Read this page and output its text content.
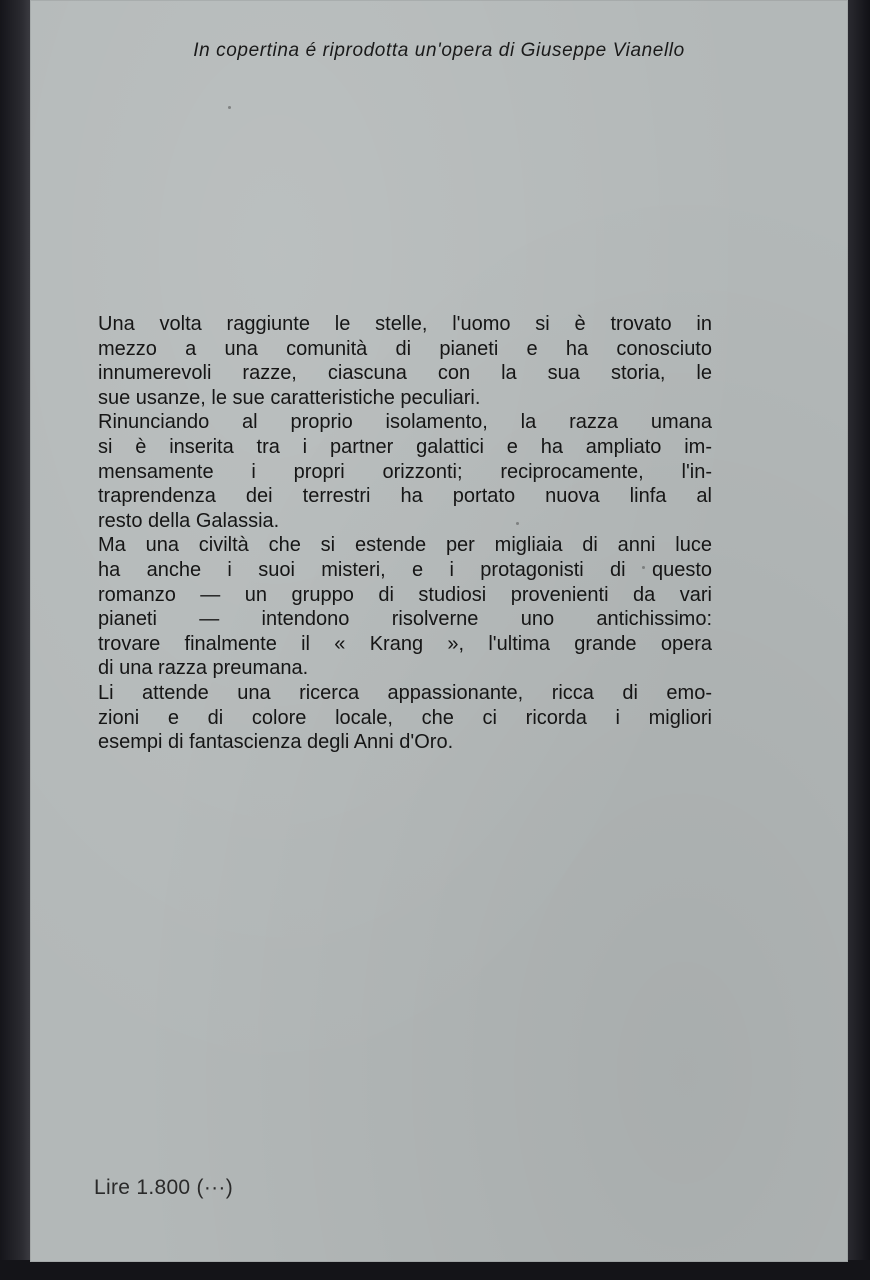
In copertina é riprodotta un'opera di Giuseppe Vianello

Una volta raggiunte le stelle, l'uomo si è trovato in
mezzo a una comunità di pianeti e ha conosciuto
innumerevoli razze, ciascuna con la sua storia, le
sue usanze, le sue caratteristiche peculiari.
Rinunciando al proprio isolamento, la razza umana
si è inserita tra i partner galattici e ha ampliato im-
mensamente i propri orizzonti; reciprocamente, l'in-
traprendenza dei terrestri ha portato nuova linfa al
resto della Galassia.
Ma una civiltà che si estende per migliaia di anni luce
ha anche i suoi misteri, e i protagonisti di questo
romanzo — un gruppo di studiosi provenienti da vari
pianeti — intendono risolverne uno antichissimo:
trovare finalmente il « Krang », l'ultima grande opera
di una razza preumana.
Li attende una ricerca appassionante, ricca di emo-
zioni e di colore locale, che ci ricorda i migliori
esempi di fantascienza degli Anni d'Oro.

Lire 1.800 (···)
